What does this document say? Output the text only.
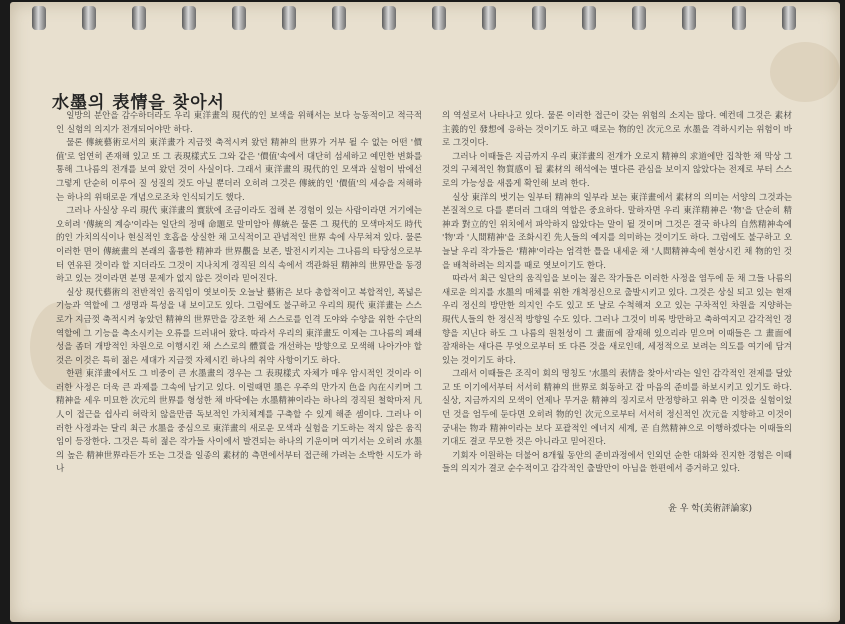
水墨의 表情을 찾아서

일방의 분안을 감수하더라도 우리 東洋畫의 現代的인 보색을 위해서는 보다 능동적이고 적극적인 실험의 의지가 전개되어야만 하다.

물론 傳統藝術로서의 東洋畫가 지금껏 축적시켜 왔던 精神의 世界가 거부 될 수 없는 어떤 '價值'로 엄연히 존재해 있고 또 그 表現樣式도 그와 같은 '價值'속에서 대단히 섬세하고 예민한 변화를 통해 그나름의 전개를 보여 왔던 것이 사실이다. 그래서 東洋畫의 現代的인 모색과 실험이 밖에선 그렇게 단순히 이루어 질 성질의 것도 아닐 뿐더러 오히려 그것은 傳統的인 '價值'의 세승을 저해하는 하나의 위태로운 개념으로조차 인식되기도 했다.

그러나 사실상 우리 現代 東洋畫의 實狀에 조금이라도 접해 본 경험이 있는 사람이라면 거기에는 오히려 '傳統의 계승'이라는 일단의 정매 命題로 말미암아 傳統은 물론 그 現代的 모색마저도 時代的인 가치의식이나 현실적인 호흡을 상실한 채 고식적이고 관념적인 世界 속에 사무쳐져 있다. 물론 이러한 면이 傳統畫의 본래의 훌륭한 精神과 世界觀을 보존, 발전시키지는 그나름의 타당성으로부터 연유된 것이라 할 지더라도 그것이 지나치게 경직된 의식 속에서 객관화된 精神의 世界만을 동경하고 있는 것이라면 분명 문제가 없지 않은 것이라 믿어진다.

실상 現代藝術의 전반적인 움직임이 엿보이듯 오늘날 藝術은 보다 총합적이고 복합적인, 폭넓은 기능과 역할에 그 생명과 특성을 내 보이고도 있다. 그럼에도 불구하고 우리의 現代 東洋畫는 스스로가 지금껏 축적시켜 놓았던 精神의 世界만을 강조한 채 스스로를 인격 도야와 수양을 위한 수단의 역할에 그 기능을 축소시키는 오류를 드러내어 왔다. 따라서 우리의 東洋畫도 이제는 그나름의 폐쇄성을 좀더 개방적인 차원으로 이행시킨 채 스스로의 體質을 개선하는 방향으로 모색해 나아가야 할 것은 이것은 특히 젊은 세대가 지금껏 자체시킨 하나의 취약 사항이기도 하다.

한편 東洋畫에서도 그 비중이 큰 水墨畫의 경우는 그 表現樣式 자체가 매우 암시적인 것이라 이러한 사정은 더욱 큰 과제를 그속에 남기고 있다. 이럴때면 墨은 우주의 만가지 色을 內在시키며 그 精神을 세우 미묘한 次元의 世界를 형성한 채 바닥에는 水墨精神이라는 하나의 경직된 철학마저 凡人이 접근을 쉽사리 허락치 않을만큼 독보적인 가치체계를 구축할 수 있게 해준 셈이다. 그러나 이러한 사정과는 달리 최근 水墨을 중심으로 東洋畫의 새로운 모색과 실험을 기도하는 적지 않은 움직임이 등장한다. 그것은 특히 젊은 작가들 사이에서 발견되는 하나의 기운이며 여기서는 오히려 水墨의 높은 精神世界라든가 또는 그것을 일종의 素材的 측면에서부터 접근해 가려는 소박한 시도가 하나

의 역설로서 나타나고 있다. 물론 이러한 접근이 갖는 위험의 소지는 많다. 예컨데 그것은 素材主義的인 發想에 응하는 것이기도 하고 때로는 物的인 次元으로 水墨을 격하시키는 위험이 바로 그것이다.

그러나 이때들은 지금까지 우리 東洋畫의 전개가 오로지 精神의 求道에만 집착한 채 막상 그것의 구체적인 物質感이 될 素材의 해석에는 별다른 관심을 보이지 않았다는 전제로 부터 스스로의 가능성을 새롭게 확인해 보려 한다.

실상 東洋의 벗기는 일부터 精神의 일부라 보는 東洋畫에서 素材의 의미는 서양의 그것과는 본질적으로 다를 뿐더러 그대의 역할은 중요하다. 말하자면 우리 東洋精神은 '物'을 단순히 精神과 對立的인 위치에서 파악하지 않았다는 말이 될 것이며 그것은 결국 하나의 自然精神속에 '物'과 '人間精神'을 조화시킨 先人들의 예지를 의미하는 것이기도 하다. 그럼에도 불구하고 오늘날 우리 작가들은 '精神'이라는 엄격한 틀을 내세운 채 '人間精神속에 현상시킨 채 物的인 것을 배척하려는 의지를 때로 엿보이기도 한다.

따라서 최근 일단의 움직임을 보이는 젊은 작가들은 이러한 사정을 염두에 둔 채 그들 나름의 새로운 의지를 水墨의 매체를 위한 개척정신으로 출발시키고 있다. 그것은 상실 되고 있는 현재 우리 정신의 방만한 의지인 수도 있고 또 날로 수척해져 오고 있는 구차적인 차원을 지양하는 現代人들의 한 정신적 방향일 수도 있다. 그러나 그것이 비록 방만하고 축하여지고 감각적인 경향을 지닌다 하도 그 나름의 원천성이 그 畫面에 잠재해 있으리라 믿으며 이때들은 그 畫面에 잠재하는 새다른 무엇으로부터 또 다른 것을 새로인데, 세정적으로 보려는 의도를 여기에 담겨 있는 것이기도 하다.

그래서 이때들은 조직이 회의 명칭도 '水墨의 表情을 찾아서'라는 일인 감각적인 전제를 달았고 또 이기에서부터 서서히 精神의 世界로 회동하고 잡 마음의 준비를 하보시키고 있기도 하다. 실상, 지금까지의 모색이 언제나 무거운 精神의 징지로서 만정향하고 위축 만 이것을 실험이었던 것을 엄두에 둔다면 오히려 物的인 次元으로부터 서서히 정신적인 次元을 지향하고 이것이 궁내는 物과 精神이라는 보다 포괄적인 에너지 세계, 곧 自然精神으로 이행하겠다는 이때들의 기대도 결코 무모한 것은 아니라고 믿어진다.

기회자 이원하는 더불어 8개월 동안의 준비과정에서 인외던 순한 대화와 진지한 경험은 이때들의 의지가 결코 순수적이고 감각적인 출발만이 아님을 한편에서 증거하고 있다.

윤 우 학(美術評論家)
